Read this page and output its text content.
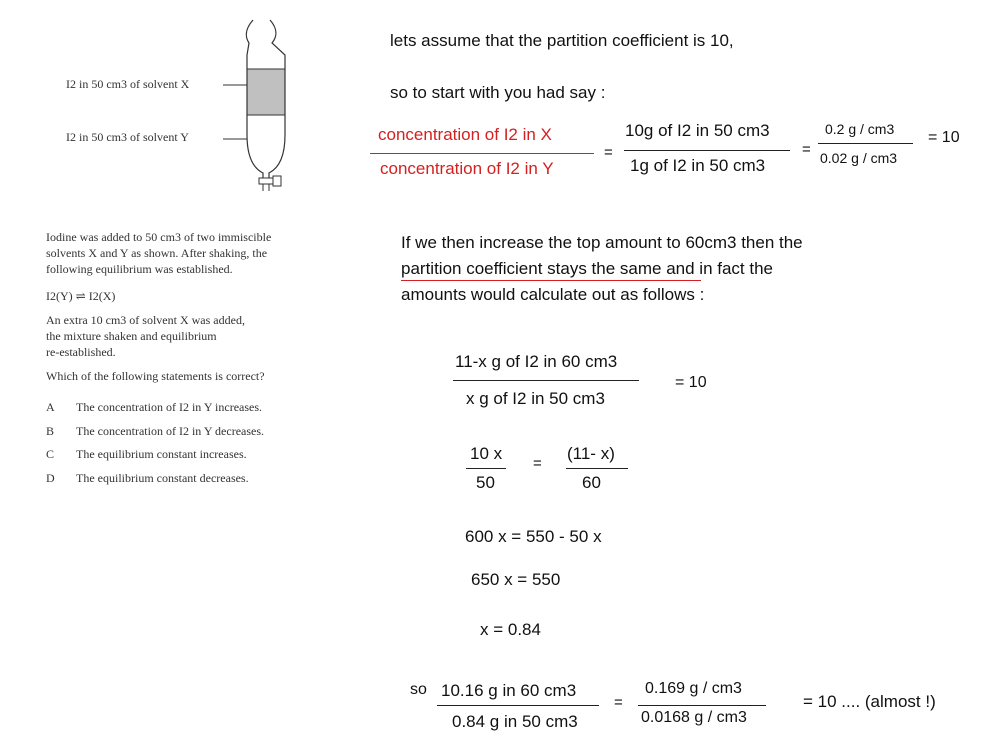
I2 in 50 cm3 of solvent X
I2 in 50 cm3 of solvent Y
Iodine was added to 50 cm3 of two immiscible
solvents X and Y as shown. After shaking, the
following equilibrium was established.
I2(Y) ⇌ I2(X)
An extra 10 cm3 of solvent X was added,
the mixture shaken and equilibrium
re-established.
Which of the following statements is correct?
A The concentration of I2 in Y increases.
B The concentration of I2 in Y decreases.
C The equilibrium constant increases.
D The equilibrium constant decreases.
lets assume that the partition coefficient is 10,
so to start with you had say :
concentration of I2 in X
concentration of I2 in Y
=
10g of I2 in 50 cm3
1g of I2 in 50 cm3
=
0.2 g / cm3
0.02 g / cm3
= 10
If we then increase the top amount to 60cm3 then the
partition coefficient stays the same and in fact the
amounts would calculate out as follows :
11-x g of I2 in 60 cm3
x g of I2 in 50 cm3
= 10
10 x
50
=
(11- x)
60
600 x = 550 - 50 x
650 x = 550
x = 0.84
so 10.16 g in 60 cm3
0.84 g in 50 cm3
=
0.169 g / cm3
0.0168 g / cm3
= 10 .... (almost !)
